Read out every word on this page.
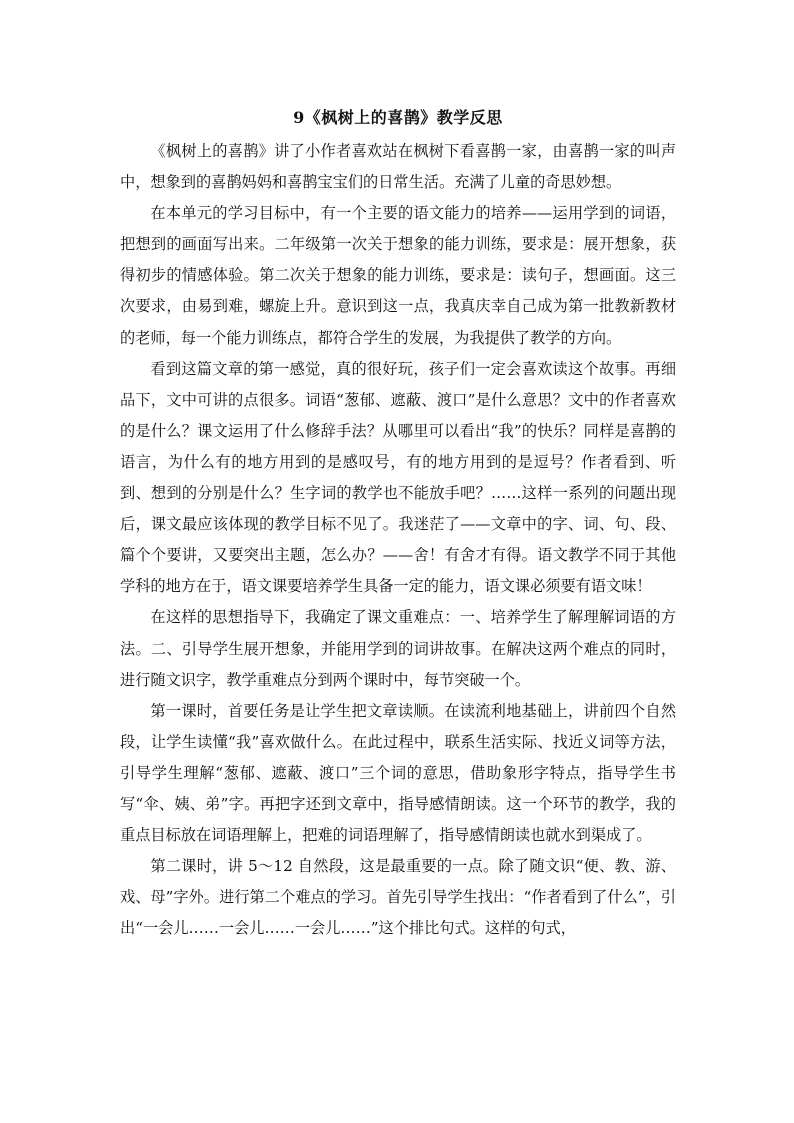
9《枫树上的喜鹊》教学反思

《枫树上的喜鹊》讲了小作者喜欢站在枫树下看喜鹊一家，由喜鹊一家的叫声中，想象到的喜鹊妈妈和喜鹊宝宝们的日常生活。充满了儿童的奇思妙想。

在本单元的学习目标中，有一个主要的语文能力的培养——运用学到的词语，把想到的画面写出来。二年级第一次关于想象的能力训练，要求是：展开想象，获得初步的情感体验。第二次关于想象的能力训练，要求是：读句子，想画面。这三次要求，由易到难，螺旋上升。意识到这一点，我真庆幸自己成为第一批教新教材的老师，每一个能力训练点，都符合学生的发展，为我提供了教学的方向。

看到这篇文章的第一感觉，真的很好玩，孩子们一定会喜欢读这个故事。再细品下，文中可讲的点很多。词语“葱郁、遮蔽、渡口”是什么意思？文中的作者喜欢的是什么？课文运用了什么修辞手法？从哪里可以看出“我”的快乐？同样是喜鹊的语言，为什么有的地方用到的是感叹号，有的地方用到的是逗号？作者看到、听到、想到的分别是什么？生字词的教学也不能放手吧？……这样一系列的问题出现后，课文最应该体现的教学目标不见了。我迷茫了——文章中的字、词、句、段、篇个个要讲，又要突出主题，怎么办？——舍！有舍才有得。语文教学不同于其他学科的地方在于，语文课要培养学生具备一定的能力，语文课必须要有语文味！

在这样的思想指导下，我确定了课文重难点：一、培养学生了解理解词语的方法。二、引导学生展开想象，并能用学到的词讲故事。在解决这两个难点的同时，进行随文识字，教学重难点分到两个课时中，每节突破一个。

第一课时，首要任务是让学生把文章读顺。在读流利地基础上，讲前四个自然段，让学生读懂“我”喜欢做什么。在此过程中，联系生活实际、找近义词等方法，引导学生理解“葱郁、遮蔽、渡口”三个词的意思，借助象形字特点，指导学生书写“伞、姨、弟”字。再把字还到文章中，指导感情朗读。这一个环节的教学，我的重点目标放在词语理解上，把难的词语理解了，指导感情朗读也就水到渠成了。

第二课时，讲 5～12 自然段，这是最重要的一点。除了随文识“便、教、游、戏、母”字外。进行第二个难点的学习。首先引导学生找出：“作者看到了什么”，引出“一会儿……一会儿……一会儿……”这个排比句式。这样的句式，
